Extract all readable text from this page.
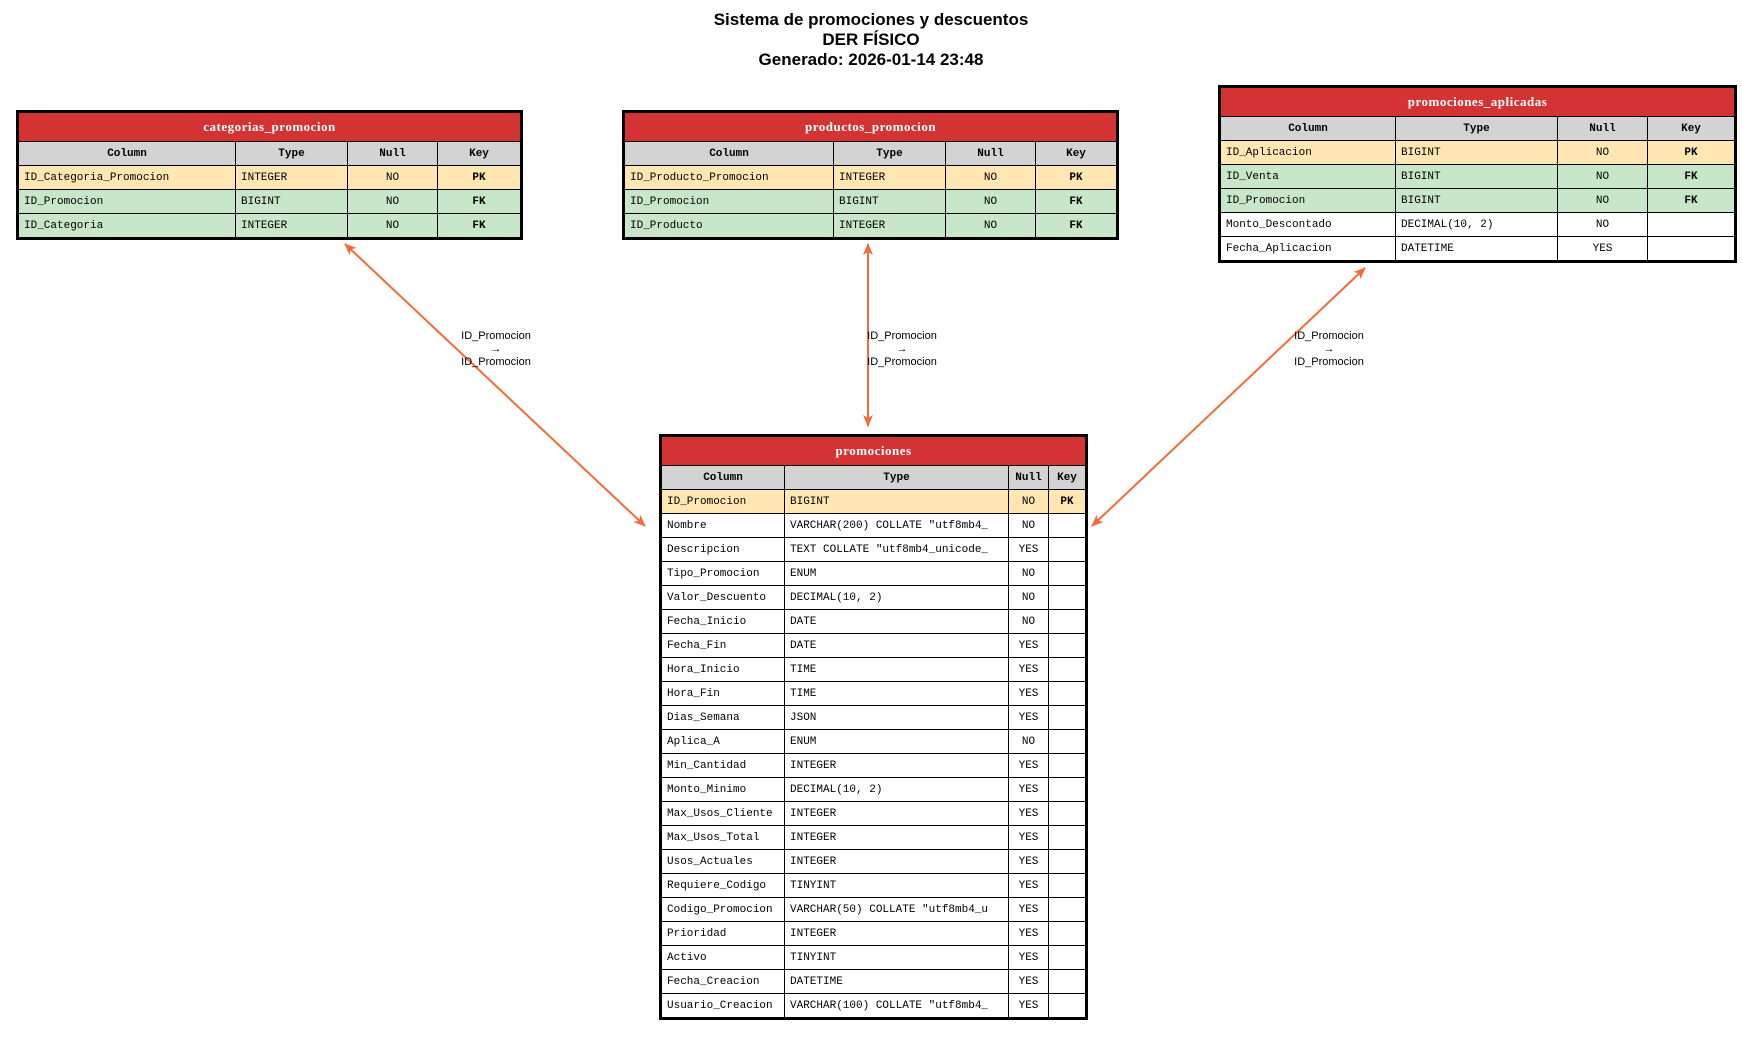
Sistema de promociones y descuentos
DER FÍSICO
Generado: 2026-01-14 23:48
ID_Promocion
→
ID_Promocion
ID_Promocion
→
ID_Promocion
ID_Promocion
→
ID_Promocion
categorias_promocion			
Column	Type	Null	Key
ID_Categoria_Promocion	INTEGER	NO	PK
ID_Promocion	BIGINT	NO	FK
ID_Categoria	INTEGER	NO	FK
productos_promocion			
Column	Type	Null	Key
ID_Producto_Promocion	INTEGER	NO	PK
ID_Promocion	BIGINT	NO	FK
ID_Producto	INTEGER	NO	FK
promociones_aplicadas			
Column	Type	Null	Key
ID_Aplicacion	BIGINT	NO	PK
ID_Venta	BIGINT	NO	FK
ID_Promocion	BIGINT	NO	FK
Monto_Descontado	DECIMAL(10, 2)	NO	
Fecha_Aplicacion	DATETIME	YES	
promociones			
Column	Type	Null	Key
ID_Promocion	BIGINT	NO	PK
Nombre	VARCHAR(200) COLLATE "utf8mb4_	NO	
Descripcion	TEXT COLLATE "utf8mb4_unicode_	YES	
Tipo_Promocion	ENUM	NO	
Valor_Descuento	DECIMAL(10, 2)	NO	
Fecha_Inicio	DATE	NO	
Fecha_Fin	DATE	YES	
Hora_Inicio	TIME	YES	
Hora_Fin	TIME	YES	
Dias_Semana	JSON	YES	
Aplica_A	ENUM	NO	
Min_Cantidad	INTEGER	YES	
Monto_Minimo	DECIMAL(10, 2)	YES	
Max_Usos_Cliente	INTEGER	YES	
Max_Usos_Total	INTEGER	YES	
Usos_Actuales	INTEGER	YES	
Requiere_Codigo	TINYINT	YES	
Codigo_Promocion	VARCHAR(50) COLLATE "utf8mb4_u	YES	
Prioridad	INTEGER	YES	
Activo	TINYINT	YES	
Fecha_Creacion	DATETIME	YES	
Usuario_Creacion	VARCHAR(100) COLLATE "utf8mb4_	YES	
